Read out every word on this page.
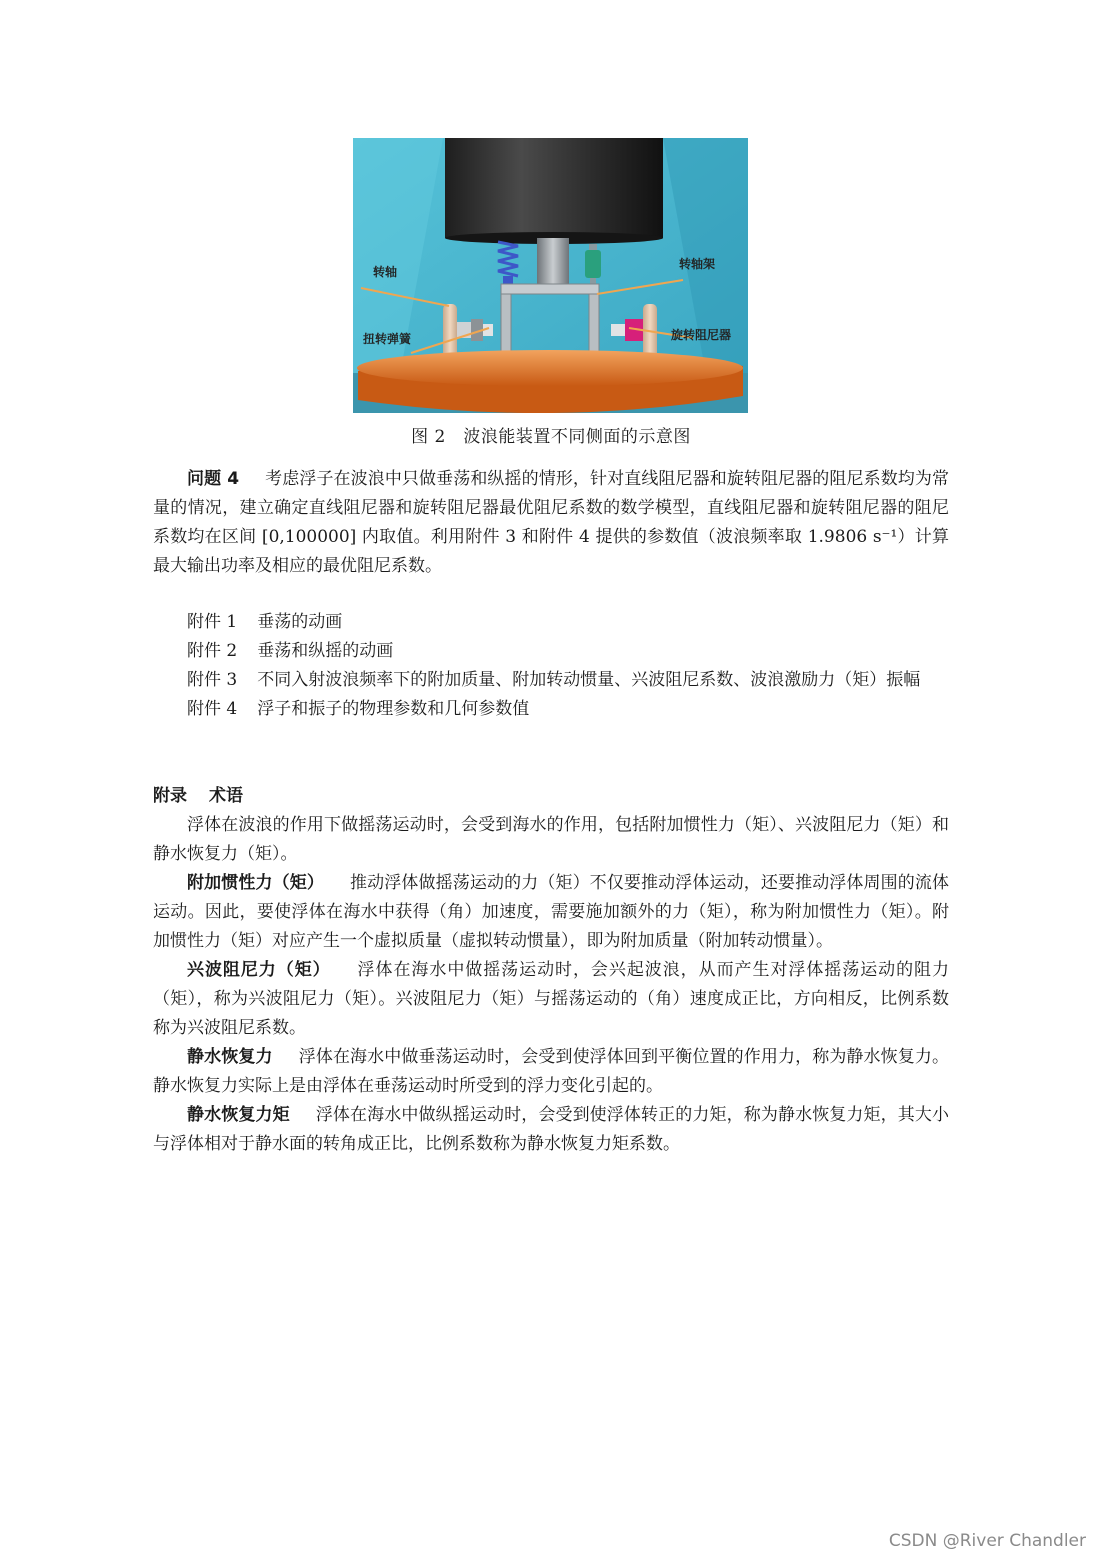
转轴
扭转弹簧
转轴架
旋转阻尼器
图 2　波浪能装置不同侧面的示意图

问题 4 考虑浮子在波浪中只做垂荡和纵摇的情形，针对直线阻尼器和旋转阻尼器的阻尼系数均为常量的情况，建立确定直线阻尼器和旋转阻尼器最优阻尼系数的数学模型，直线阻尼器和旋转阻尼器的阻尼系数均在区间 [0,100000] 内取值。利用附件 3 和附件 4 提供的参数值（波浪频率取 1.9806 s⁻¹）计算最大输出功率及相应的最优阻尼系数。

附件 1 垂荡的动画

附件 2 垂荡和纵摇的动画

附件 3 不同入射波浪频率下的附加质量、附加转动惯量、兴波阻尼系数、波浪激励力（矩）振幅

附件 4 浮子和振子的物理参数和几何参数值

附录 术语

浮体在波浪的作用下做摇荡运动时，会受到海水的作用，包括附加惯性力（矩）、兴波阻尼力（矩）和静水恢复力（矩）。

附加惯性力（矩） 推动浮体做摇荡运动的力（矩）不仅要推动浮体运动，还要推动浮体周围的流体运动。因此，要使浮体在海水中获得（角）加速度，需要施加额外的力（矩），称为附加惯性力（矩）。附加惯性力（矩）对应产生一个虚拟质量（虚拟转动惯量），即为附加质量（附加转动惯量）。

兴波阻尼力（矩） 浮体在海水中做摇荡运动时，会兴起波浪，从而产生对浮体摇荡运动的阻力（矩），称为兴波阻尼力（矩）。兴波阻尼力（矩）与摇荡运动的（角）速度成正比，方向相反，比例系数称为兴波阻尼系数。

静水恢复力 浮体在海水中做垂荡运动时，会受到使浮体回到平衡位置的作用力，称为静水恢复力。静水恢复力实际上是由浮体在垂荡运动时所受到的浮力变化引起的。

静水恢复力矩 浮体在海水中做纵摇运动时，会受到使浮体转正的力矩，称为静水恢复力矩，其大小与浮体相对于静水面的转角成正比，比例系数称为静水恢复力矩系数。

CSDN @River Chandler
